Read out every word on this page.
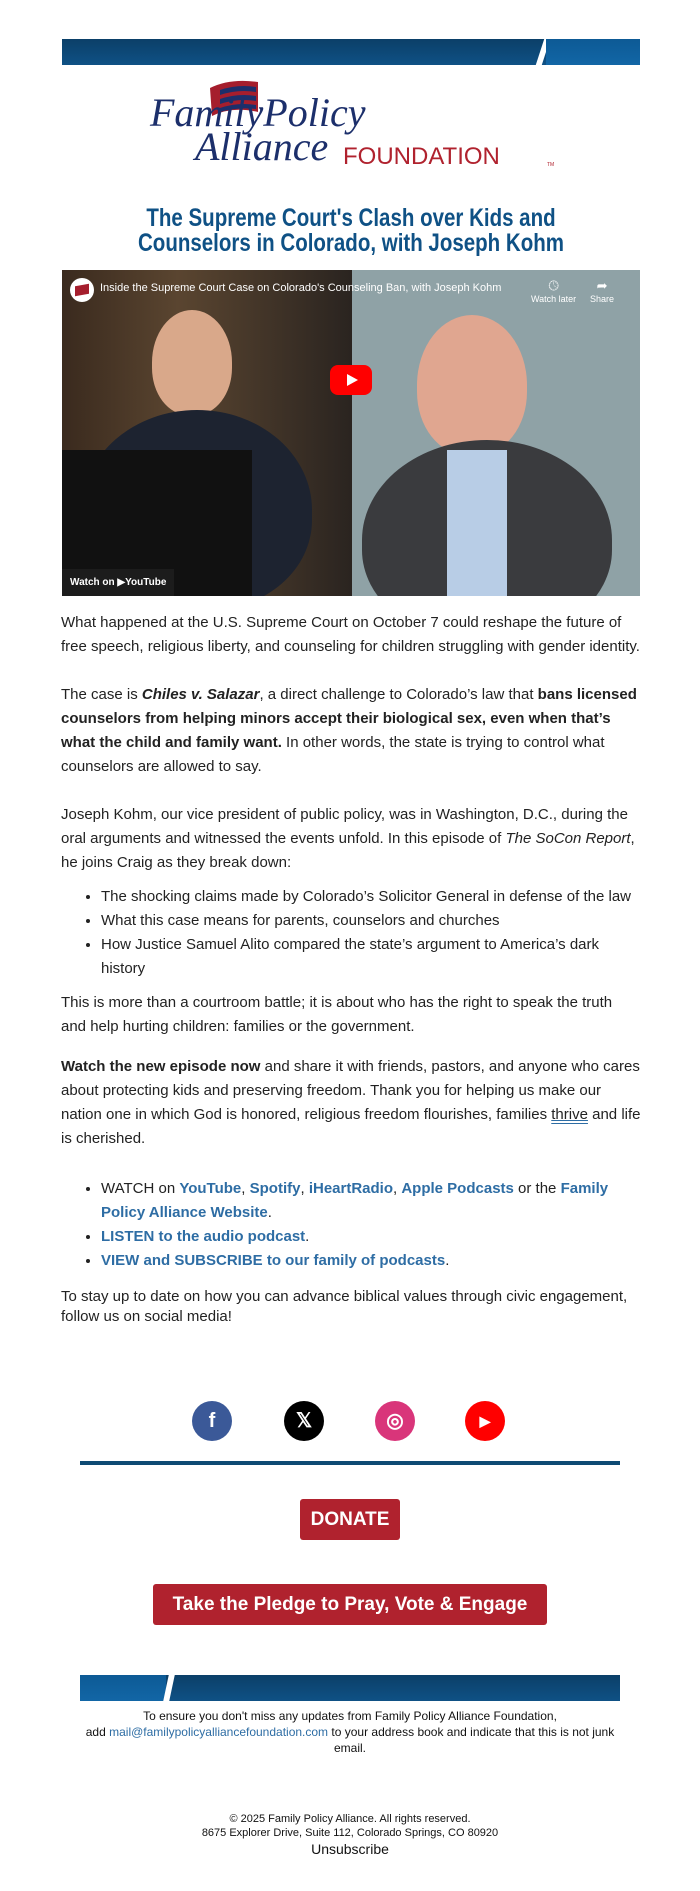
FamilyPolicy
Alliance FOUNDATION	TM
The Supreme Court's Clash over Kids and Counselors in Colorado, with Joseph Kohm
Inside the Supreme Court Case on Colorado's Counseling Ban, with Joseph Kohm	🕓︎
Watch later
➦
Share
Watch on ▶YouTube

What happened at the U.S. Supreme Court on October 7 could reshape the future of free speech, religious liberty, and counseling for children struggling with gender identity.

The case is Chiles v. Salazar, a direct challenge to Colorado’s law that bans licensed counselors from helping minors accept their biological sex, even when that’s what the child and family want. In other words, the state is trying to control what counselors are allowed to say.

Joseph Kohm, our vice president of public policy, was in Washington, D.C., during the oral arguments and witnessed the events unfold. In this episode of The SoCon Report, he joins Craig as they break down:

• The shocking claims made by Colorado’s Solicitor General in defense of the law
• What this case means for parents, counselors and churches
• How Justice Samuel Alito compared the state’s argument to America’s dark history

This is more than a courtroom battle; it is about who has the right to speak the truth and help hurting children: families or the government.

Watch the new episode now and share it with friends, pastors, and anyone who cares about protecting kids and preserving freedom. Thank you for helping us make our nation one in which God is honored, religious freedom flourishes, families thrive and life is cherished.

• WATCH on YouTube, Spotify, iHeartRadio, Apple Podcasts or the Family Policy Alliance Website.
• LISTEN to the audio podcast.
• VIEW and SUBSCRIBE to our family of podcasts.

To stay up to date on how you can advance biblical values through civic engagement, follow us on social media!

f	𝕏	◎	▶
DONATE
Take the Pledge to Pray, Vote & Engage
To ensure you don't miss any updates from Family Policy Alliance Foundation,
add mail@familypolicyalliancefoundation.com to your address book and indicate that this is not junk email.
© 2025 Family Policy Alliance. All rights reserved.
8675 Explorer Drive, Suite 112, Colorado Springs, CO 80920
Unsubscribe
